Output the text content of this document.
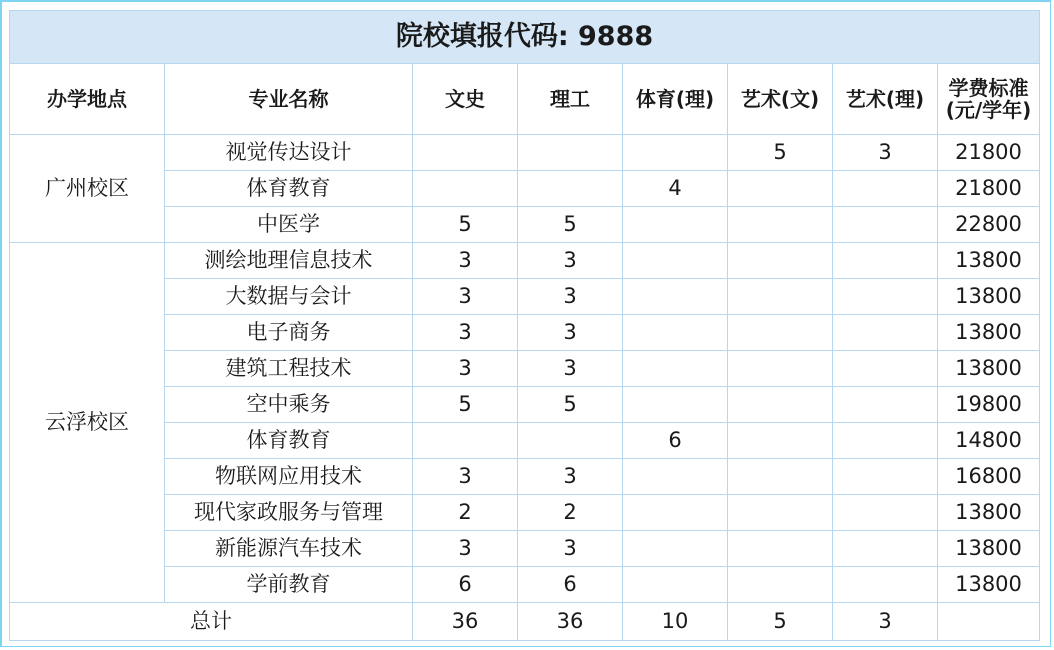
院校填报代码: 9888							
办学地点	专业名称	文史	理工	体育(理)	艺术(文)	艺术(理)	学费标准
(元/学年)
广州校区	视觉传达设计				5	3	21800
	体育教育			4			21800
	中医学	5	5				22800
云浮校区	测绘地理信息技术	3	3				13800
	大数据与会计	3	3				13800
	电子商务	3	3				13800
	建筑工程技术	3	3				13800
	空中乘务	5	5				19800
	体育教育			6			14800
	物联网应用技术	3	3				16800
	现代家政服务与管理	2	2				13800
	新能源汽车技术	3	3				13800
	学前教育	6	6				13800
总计		36	36	10	5	3	
